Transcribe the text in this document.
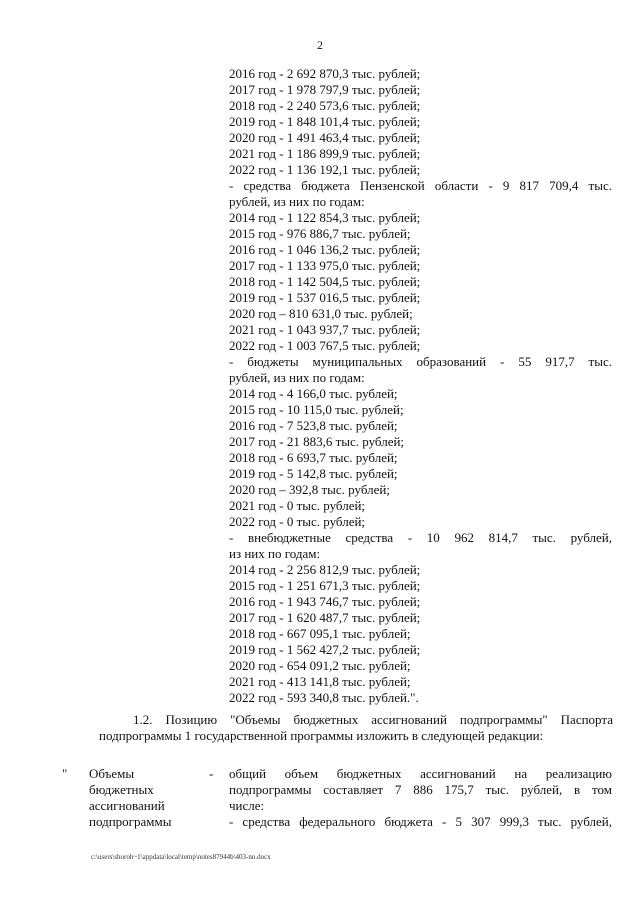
2
2016 год - 2 692 870,3 тыс. рублей;
2017 год - 1 978 797,9 тыс. рублей;
2018 год - 2 240 573,6 тыс. рублей;
2019 год - 1 848 101,4 тыс. рублей;
2020 год - 1 491 463,4 тыс. рублей;
2021 год - 1 186 899,9 тыс. рублей;
2022 год - 1 136 192,1 тыс. рублей;
- средства бюджета Пензенской области - 9 817 709,4 тыс.
рублей, из них по годам:
2014 год - 1 122 854,3 тыс. рублей;
2015 год - 976 886,7 тыс. рублей;
2016 год - 1 046 136,2 тыс. рублей;
2017 год - 1 133 975,0 тыс. рублей;
2018 год - 1 142 504,5 тыс. рублей;
2019 год - 1 537 016,5 тыс. рублей;
2020 год – 810 631,0 тыс. рублей;
2021 год - 1 043 937,7 тыс. рублей;
2022 год - 1 003 767,5 тыс. рублей;
- бюджеты муниципальных образований - 55 917,7 тыс.
рублей, из них по годам:
2014 год - 4 166,0 тыс. рублей;
2015 год - 10 115,0 тыс. рублей;
2016 год - 7 523,8 тыс. рублей;
2017 год - 21 883,6 тыс. рублей;
2018 год - 6 693,7 тыс. рублей;
2019 год - 5 142,8 тыс. рублей;
2020 год – 392,8 тыс. рублей;
2021 год - 0 тыс. рублей;
2022 год - 0 тыс. рублей;
- внебюджетные средства - 10 962 814,7 тыс. рублей,
из них по годам:
2014 год - 2 256 812,9 тыс. рублей;
2015 год - 1 251 671,3 тыс. рублей;
2016 год - 1 943 746,7 тыс. рублей;
2017 год - 1 620 487,7 тыс. рублей;
2018 год - 667 095,1 тыс. рублей;
2019 год - 1 562 427,2 тыс. рублей;
2020 год - 654 091,2 тыс. рублей;
2021 год - 413 141,8 тыс. рублей;
2022 год - 593 340,8 тыс. рублей.".
1.2. Позицию "Объемы бюджетных ассигнований подпрограммы" Паспорта подпрограммы 1 государственной программы изложить в следующей редакции:
" Объемы
бюджетных
ассигнований
подпрограммы
- общий объем бюджетных ассигнований на реализацию
подпрограммы составляет 7 886 175,7 тыс. рублей, в том
числе:
- средства федерального бюджета - 5 307 999,3 тыс. рублей,
c:\users\shoroh~1\appdata\local\temp\notes87944b\403-nn.docx
